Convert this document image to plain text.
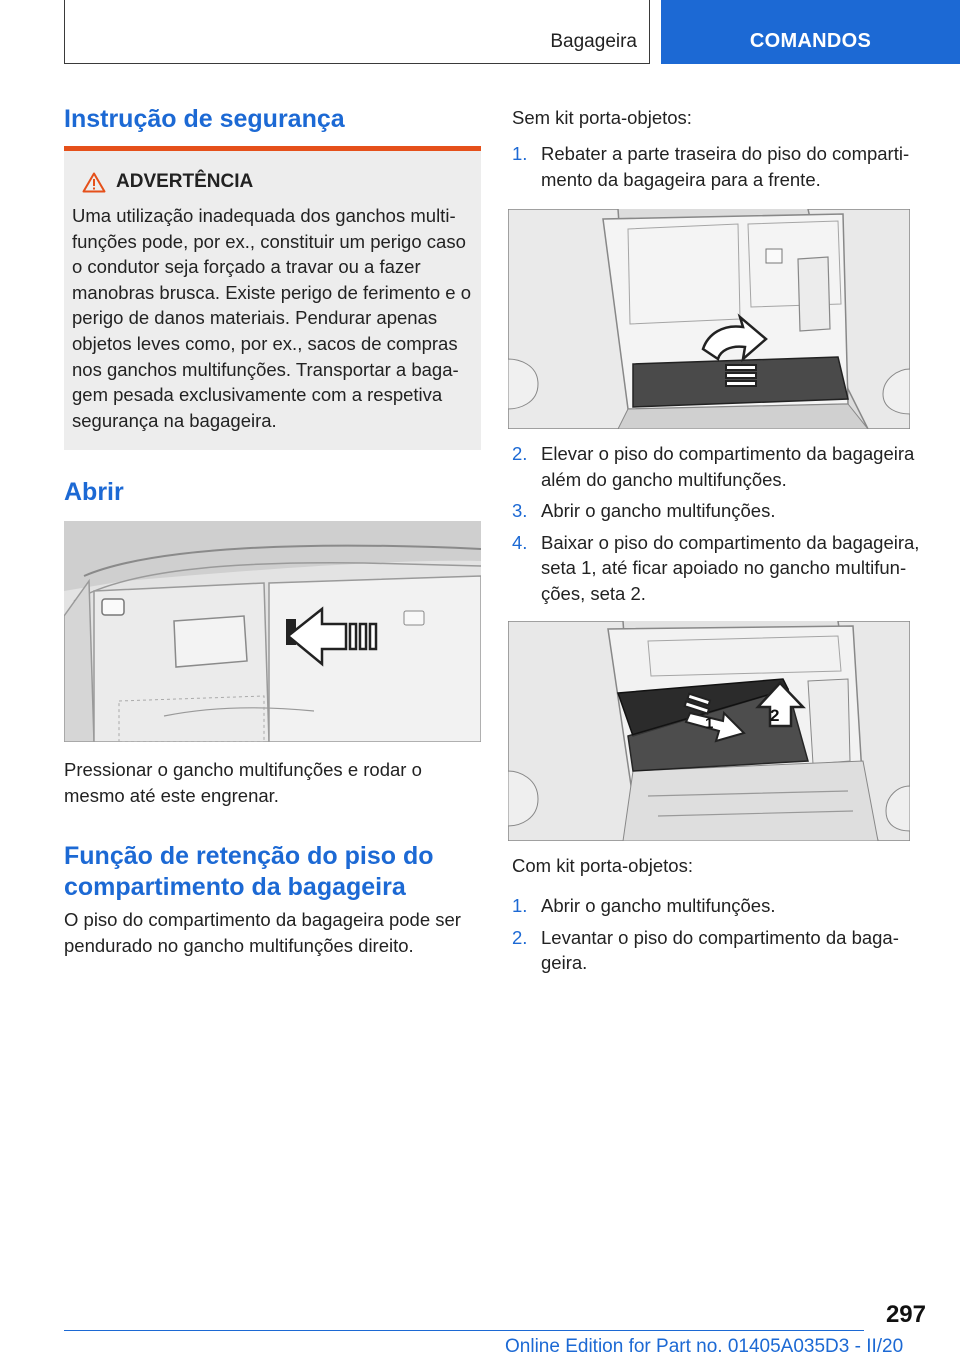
Bagageira	COMANDOS
Instrução de segurança
ADVERTÊNCIA

Uma utilização inadequada dos ganchos multifunções pode, por ex., constituir um perigo caso o condutor seja forçado a travar ou a fazer manobras brusca. Existe perigo de ferimento e o perigo de danos materiais. Pendurar apenas objetos leves como, por ex., sacos de compras nos ganchos multifunções. Transportar a bagagem pesada exclusivamente com a respetiva segurança na bagageira.

Abrir

Pressionar o gancho multifunções e rodar o mesmo até este engrenar.

Função de retenção do piso do compartimento da bagageira

O piso do compartimento da bagageira pode ser pendurado no gancho multifunções direito.

Sem kit porta-objetos:

1. Rebater a parte traseira do piso do compartimento da bagageira para a frente.
2. Elevar o piso do compartimento da bagageira além do gancho multifunções.
3. Abrir o gancho multifunções.
4. Baixar o piso do compartimento da bagageira, seta 1, até ficar apoiado no gancho multifunções, seta 2.
1	2

Com kit porta-objetos:

1. Abrir o gancho multifunções.
2. Levantar o piso do compartimento da bagageira.
297
Online Edition for Part no. 01405A035D3 - II/20
